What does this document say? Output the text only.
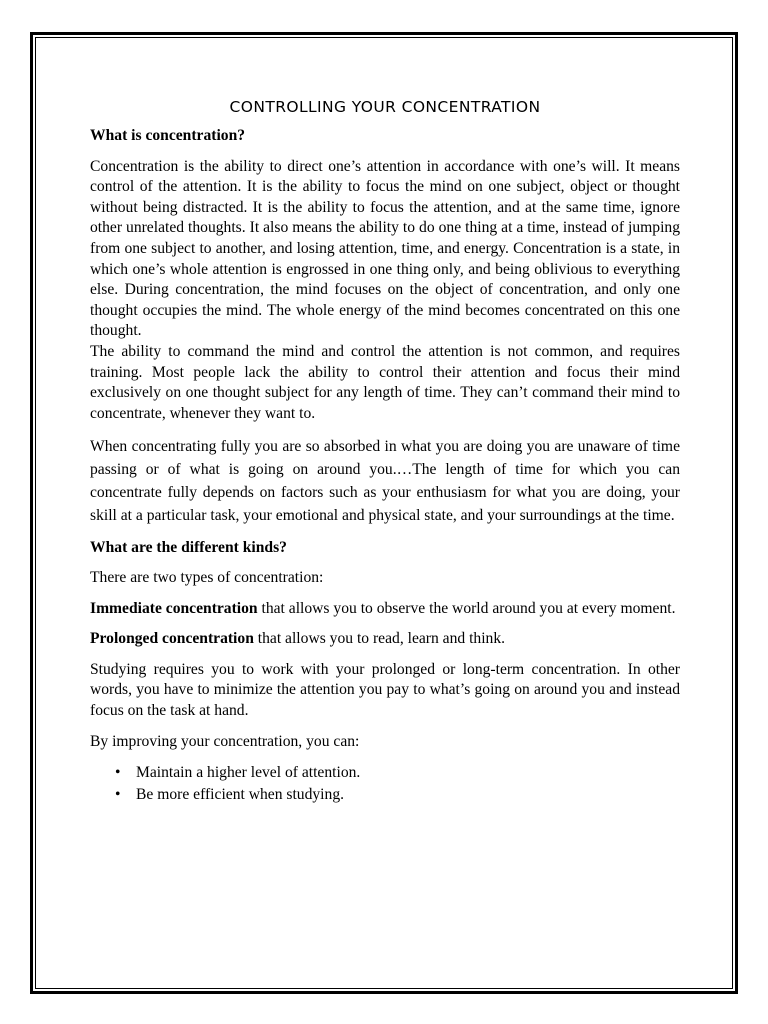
CONTROLLING YOUR CONCENTRATION

What is concentration?

Concentration is the ability to direct one’s attention in accordance with one’s will. It means control of the attention. It is the ability to focus the mind on one subject, object or thought without being distracted. It is the ability to focus the attention, and at the same time, ignore other unrelated thoughts. It also means the ability to do one thing at a time, instead of jumping from one subject to another, and losing attention, time, and energy. Concentration is a state, in which one’s whole attention is engrossed in one thing only, and being oblivious to everything else. During concentration, the mind focuses on the object of concentration, and only one thought occupies the mind. The whole energy of the mind becomes concentrated on this one thought.

The ability to command the mind and control the attention is not common, and requires training. Most people lack the ability to control their attention and focus their mind exclusively on one thought subject for any length of time. They can’t command their mind to concentrate, whenever they want to.

When concentrating fully you are so absorbed in what you are doing you are unaware of time passing or of what is going on around you.…The length of time for which you can concentrate fully depends on factors such as your enthusiasm for what you are doing, your skill at a particular task, your emotional and physical state, and your surroundings at the time.

What are the different kinds?

There are two types of concentration:

Immediate concentration that allows you to observe the world around you at every moment.

Prolonged concentration that allows you to read, learn and think.

Studying requires you to work with your prolonged or long-term concentration. In other words, you have to minimize the attention you pay to what’s going on around you and instead focus on the task at hand.

By improving your concentration, you can:

• Maintain a higher level of attention.
• Be more efficient when studying.
